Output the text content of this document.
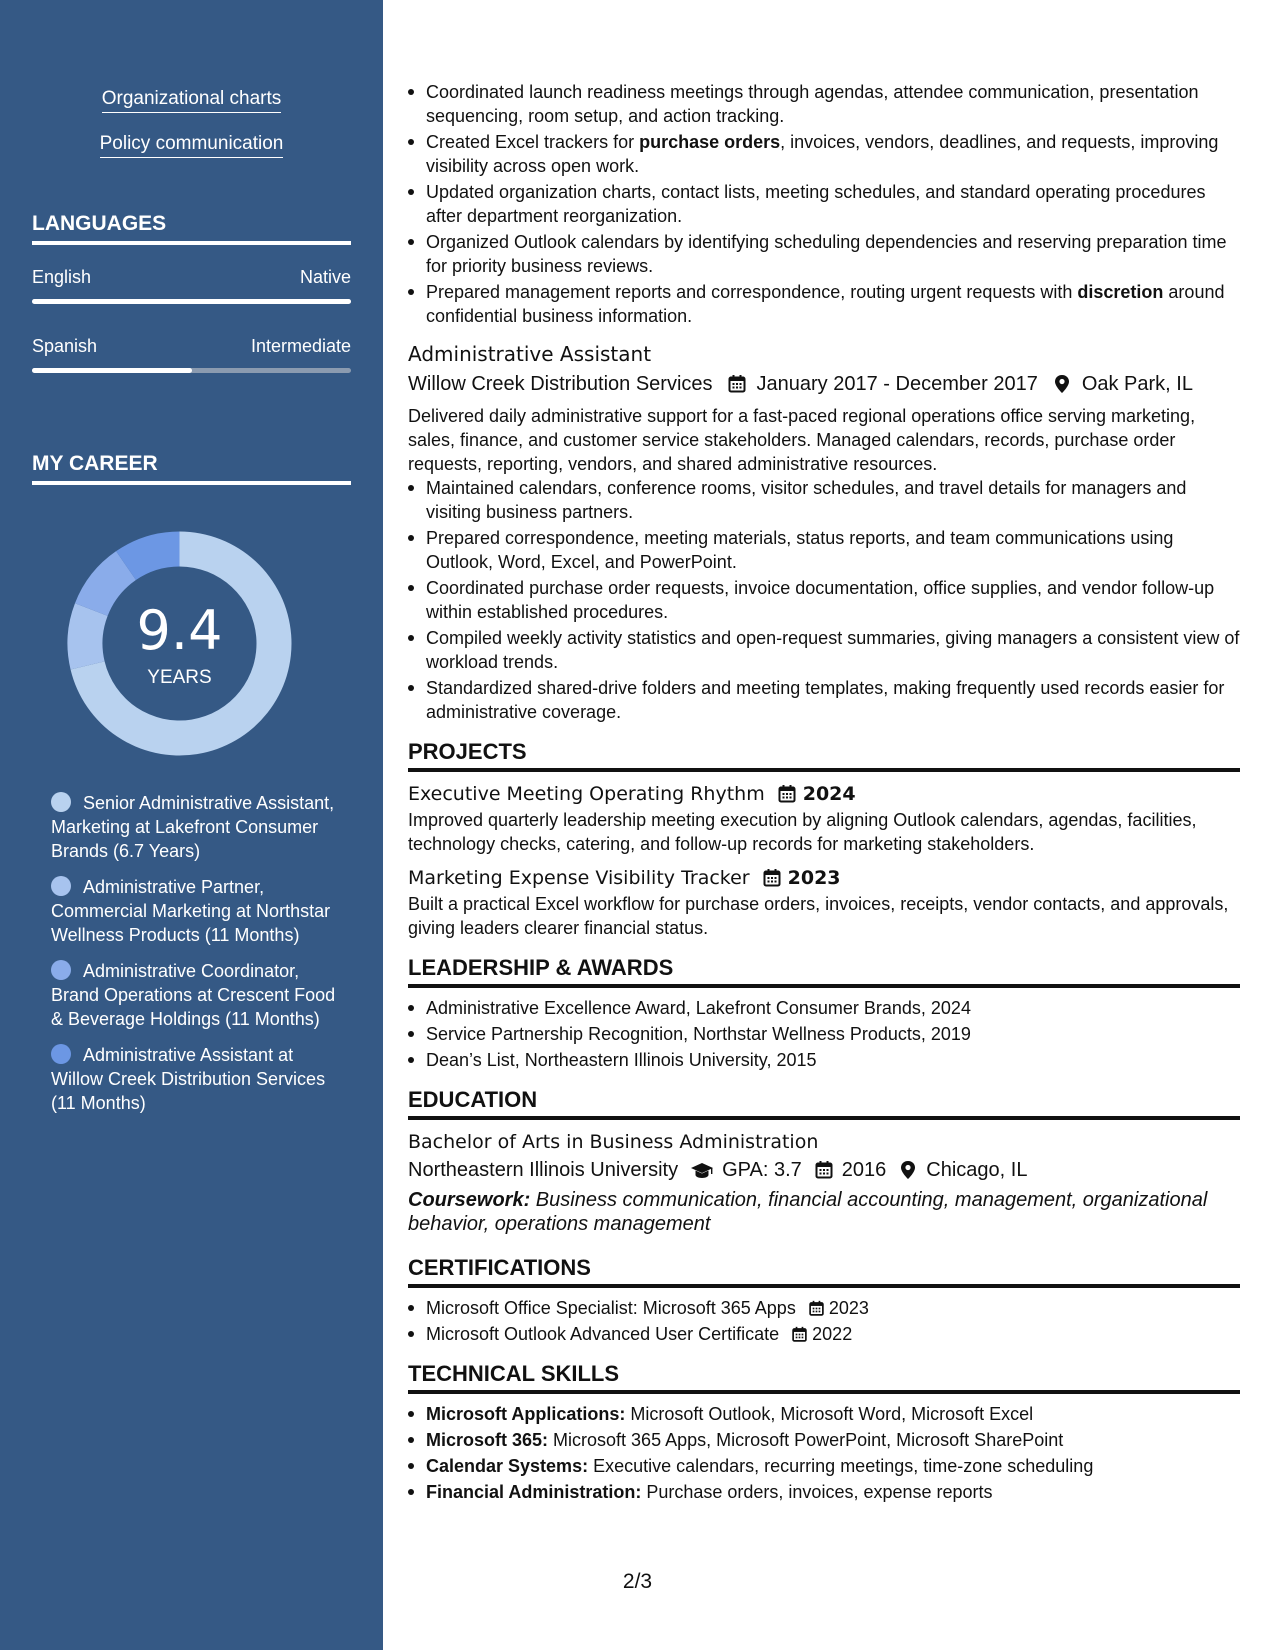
Organizational charts
Policy communication
LANGUAGES
English	Native
Spanish	Intermediate
MY CAREER
9.4
YEARS
Senior Administrative Assistant, Marketing at Lakefront Consumer Brands (6.7 Years)
Administrative Partner, Commercial Marketing at Northstar Wellness Products (11 Months)
Administrative Coordinator, Brand Operations at Crescent Food & Beverage Holdings (11 Months)
Administrative Assistant at Willow Creek Distribution Services (11 Months)
Coordinated launch readiness meetings through agendas, attendee communication, presentation sequencing, room setup, and action tracking.
Created Excel trackers for purchase orders, invoices, vendors, deadlines, and requests, improving visibility across open work.
Updated organization charts, contact lists, meeting schedules, and standard operating procedures after department reorganization.
Organized Outlook calendars by identifying scheduling dependencies and reserving preparation time for priority business reviews.
Prepared management reports and correspondence, routing urgent requests with discretion around confidential business information.
Administrative Assistant
Willow Creek Distribution Services January 2017 - December 2017 Oak Park, IL
Delivered daily administrative support for a fast-paced regional operations office serving marketing, sales, finance, and customer service stakeholders. Managed calendars, records, purchase order requests, reporting, vendors, and shared administrative resources.
Maintained calendars, conference rooms, visitor schedules, and travel details for managers and visiting business partners.
Prepared correspondence, meeting materials, status reports, and team communications using Outlook, Word, Excel, and PowerPoint.
Coordinated purchase order requests, invoice documentation, office supplies, and vendor follow-up within established procedures.
Compiled weekly activity statistics and open-request summaries, giving managers a consistent view of workload trends.
Standardized shared-drive folders and meeting templates, making frequently used records easier for administrative coverage.
PROJECTS
Executive Meeting Operating Rhythm 2024
Improved quarterly leadership meeting execution by aligning Outlook calendars, agendas, facilities, technology checks, catering, and follow-up records for marketing stakeholders.
Marketing Expense Visibility Tracker 2023
Built a practical Excel workflow for purchase orders, invoices, receipts, vendor contacts, and approvals, giving leaders clearer financial status.
LEADERSHIP & AWARDS
Administrative Excellence Award, Lakefront Consumer Brands, 2024
Service Partnership Recognition, Northstar Wellness Products, 2019
Dean’s List, Northeastern Illinois University, 2015
EDUCATION
Bachelor of Arts in Business Administration
Northeastern Illinois University GPA: 3.7 2016 Chicago, IL
Coursework: Business communication, financial accounting, management, organizational behavior, operations management
CERTIFICATIONS
Microsoft Office Specialist: Microsoft 365 Apps 2023
Microsoft Outlook Advanced User Certificate 2022
TECHNICAL SKILLS
Microsoft Applications: Microsoft Outlook, Microsoft Word, Microsoft Excel
Microsoft 365: Microsoft 365 Apps, Microsoft PowerPoint, Microsoft SharePoint
Calendar Systems: Executive calendars, recurring meetings, time-zone scheduling
Financial Administration: Purchase orders, invoices, expense reports
2/3
